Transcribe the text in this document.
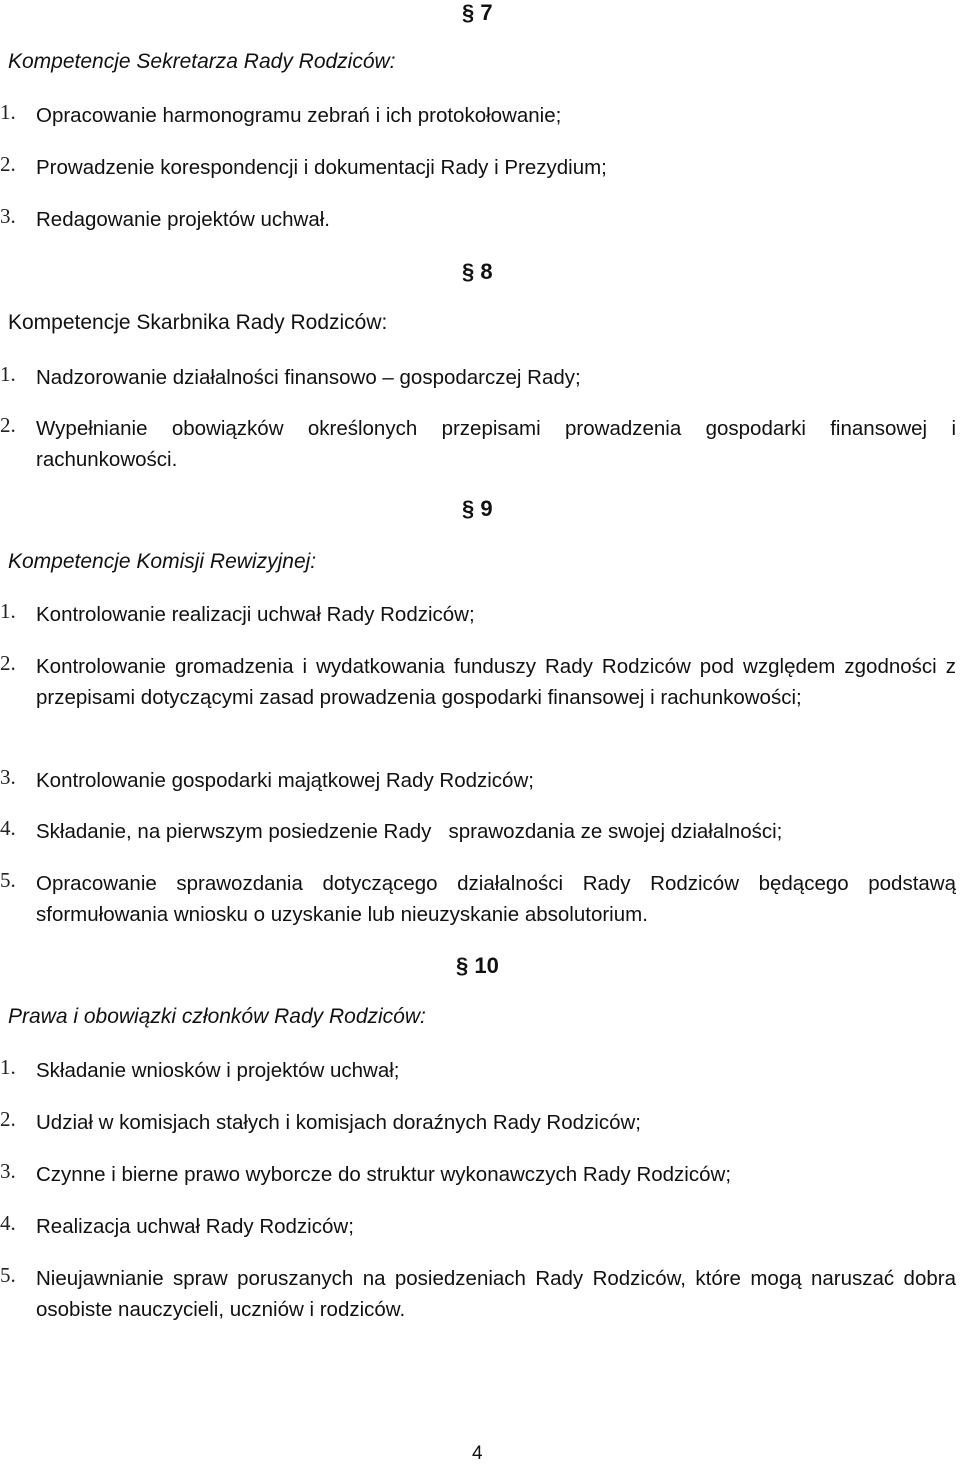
§ 7
Kompetencje Sekretarza Rady Rodziców:
1. Opracowanie harmonogramu zebrań i ich protokołowanie;
2. Prowadzenie korespondencji i dokumentacji Rady i Prezydium;
3. Redagowanie projektów uchwał.
§ 8
Kompetencje Skarbnika Rady Rodziców:
1. Nadzorowanie działalności finansowo – gospodarczej Rady;
2. Wypełnianie obowiązków określonych przepisami prowadzenia gospodarki finansowej i rachunkowości.
§ 9
Kompetencje Komisji Rewizyjnej:
1. Kontrolowanie realizacji uchwał Rady Rodziców;
2. Kontrolowanie gromadzenia i wydatkowania funduszy Rady Rodziców pod względem zgodności z przepisami dotyczącymi zasad prowadzenia gospodarki finansowej i rachunkowości;
3. Kontrolowanie gospodarki majątkowej Rady Rodziców;
4. Składanie, na pierwszym posiedzenie Rady   sprawozdania ze swojej działalności;
5. Opracowanie sprawozdania dotyczącego działalności Rady Rodziców będącego podstawą sformułowania wniosku o uzyskanie lub nieuzyskanie absolutorium.
§ 10
Prawa i obowiązki członków Rady Rodziców:
1. Składanie wniosków i projektów uchwał;
2. Udział w komisjach stałych i komisjach doraźnych Rady Rodziców;
3. Czynne i bierne prawo wyborcze do struktur wykonawczych Rady Rodziców;
4. Realizacja uchwał Rady Rodziców;
5. Nieujawnianie spraw poruszanych na posiedzeniach Rady Rodziców, które mogą naruszać dobra osobiste nauczycieli, uczniów i rodziców.
4
